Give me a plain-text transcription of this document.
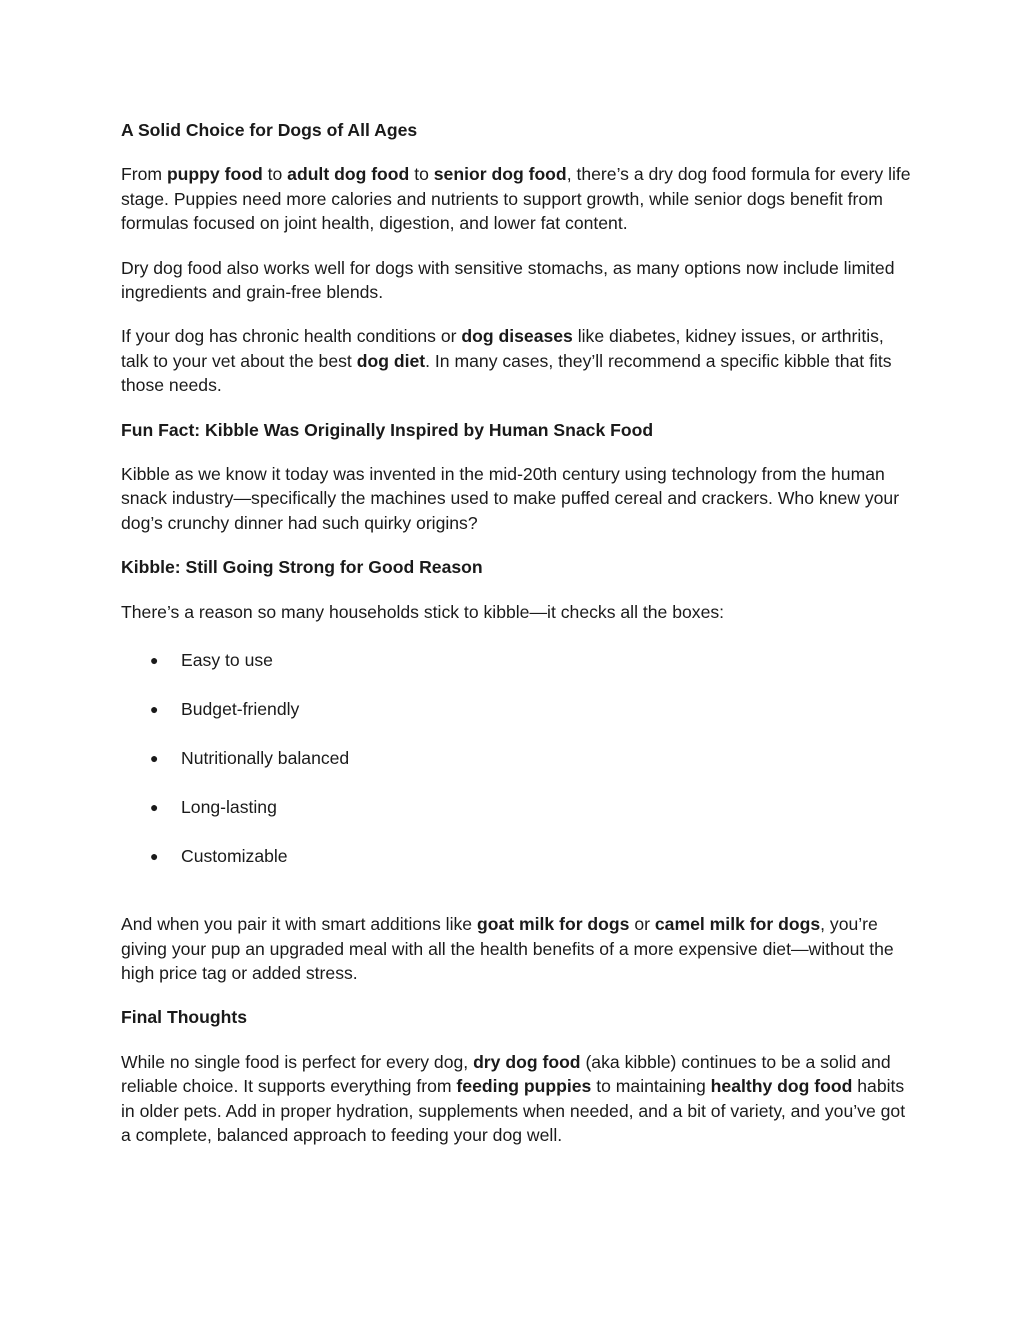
A Solid Choice for Dogs of All Ages

From puppy food to adult dog food to senior dog food, there’s a dry dog food formula for every life stage. Puppies need more calories and nutrients to support growth, while senior dogs benefit from formulas focused on joint health, digestion, and lower fat content.

Dry dog food also works well for dogs with sensitive stomachs, as many options now include limited ingredients and grain-free blends.

If your dog has chronic health conditions or dog diseases like diabetes, kidney issues, or arthritis, talk to your vet about the best dog diet. In many cases, they’ll recommend a specific kibble that fits those needs.

Fun Fact: Kibble Was Originally Inspired by Human Snack Food

Kibble as we know it today was invented in the mid-20th century using technology from the human snack industry—specifically the machines used to make puffed cereal and crackers. Who knew your dog’s crunchy dinner had such quirky origins?

Kibble: Still Going Strong for Good Reason

There’s a reason so many households stick to kibble—it checks all the boxes:

● Easy to use
● Budget-friendly
● Nutritionally balanced
● Long-lasting
● Customizable

And when you pair it with smart additions like goat milk for dogs or camel milk for dogs, you’re giving your pup an upgraded meal with all the health benefits of a more expensive diet—without the high price tag or added stress.

Final Thoughts

While no single food is perfect for every dog, dry dog food (aka kibble) continues to be a solid and reliable choice. It supports everything from feeding puppies to maintaining healthy dog food habits in older pets. Add in proper hydration, supplements when needed, and a bit of variety, and you’ve got a complete, balanced approach to feeding your dog well.
